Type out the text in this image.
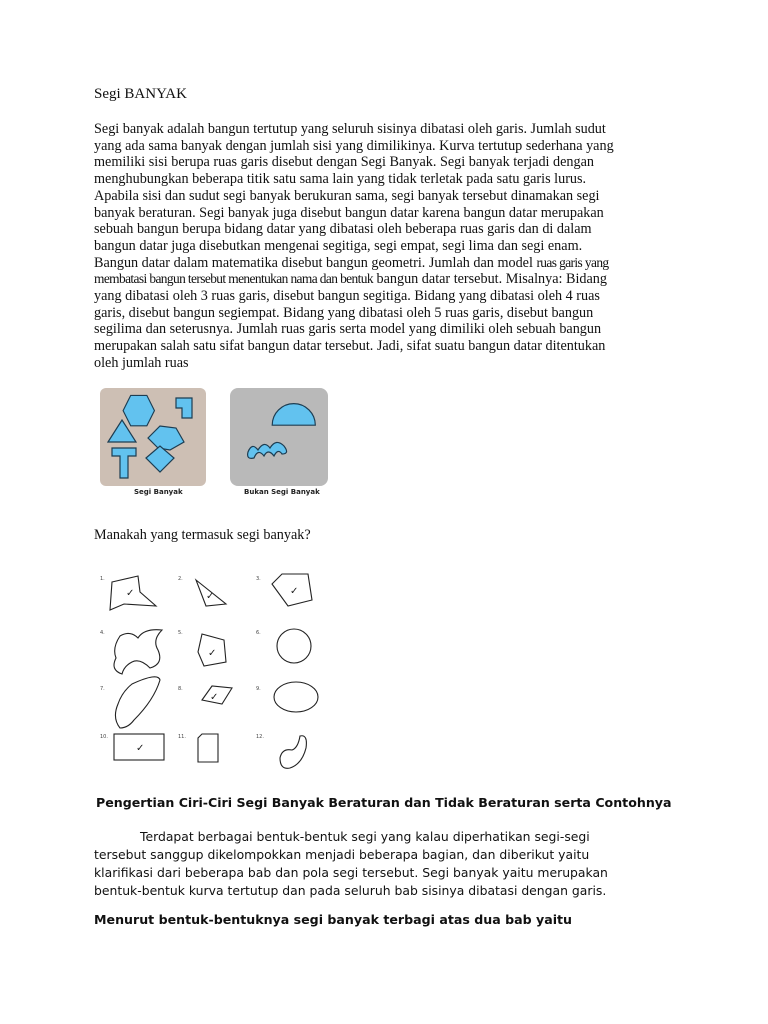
Segi BANYAK

Segi banyak adalah bangun tertutup yang seluruh sisinya dibatasi oleh garis. Jumlah sudut
yang ada sama banyak dengan jumlah sisi yang dimilikinya. Kurva tertutup sederhana yang
memiliki sisi berupa ruas garis disebut dengan Segi Banyak. Segi banyak terjadi dengan
menghubungkan beberapa titik satu sama lain yang tidak terletak pada satu garis lurus.
Apabila sisi dan sudut segi banyak berukuran sama, segi banyak tersebut dinamakan segi
banyak beraturan. Segi banyak juga disebut bangun datar karena bangun datar merupakan
sebuah bangun berupa bidang datar yang dibatasi oleh beberapa ruas garis dan di dalam
bangun datar juga disebutkan mengenai segitiga, segi empat, segi lima dan segi enam.
Bangun datar dalam matematika disebut bangun geometri. Jumlah dan model ruas garis yang
membatasi bangun tersebut menentukan nama dan bentuk bangun datar tersebut. Misalnya: Bidang
yang dibatasi oleh 3 ruas garis, disebut bangun segitiga. Bidang yang dibatasi oleh 4 ruas
garis, disebut bangun segiempat. Bidang yang dibatasi oleh 5 ruas garis, disebut bangun
segilima dan seterusnya. Jumlah ruas garis serta model yang dimiliki oleh sebuah bangun
merupakan salah satu sifat bangun datar tersebut. Jadi, sifat suatu bangun datar ditentukan
oleh jumlah ruas

Segi Banyak	Bukan Segi Banyak

Manakah yang termasuk segi banyak?

1.	2.	3.
4.	5.	6.
7.	8.	9.
10.	11.	12.
✓	✓	✓
✓
✓
✓
Pengertian Ciri-Ciri Segi Banyak Beraturan dan Tidak Beraturan serta Contohnya

Terdapat berbagai bentuk-bentuk segi yang kalau diperhatikan segi-segi
tersebut sanggup dikelompokkan menjadi beberapa bagian, dan diberikut yaitu
klarifikasi dari beberapa bab dan pola segi tersebut. Segi banyak yaitu merupakan
bentuk-bentuk kurva tertutup dan pada seluruh bab sisinya dibatasi dengan garis.

Menurut bentuk-bentuknya segi banyak terbagi atas dua bab yaitu
